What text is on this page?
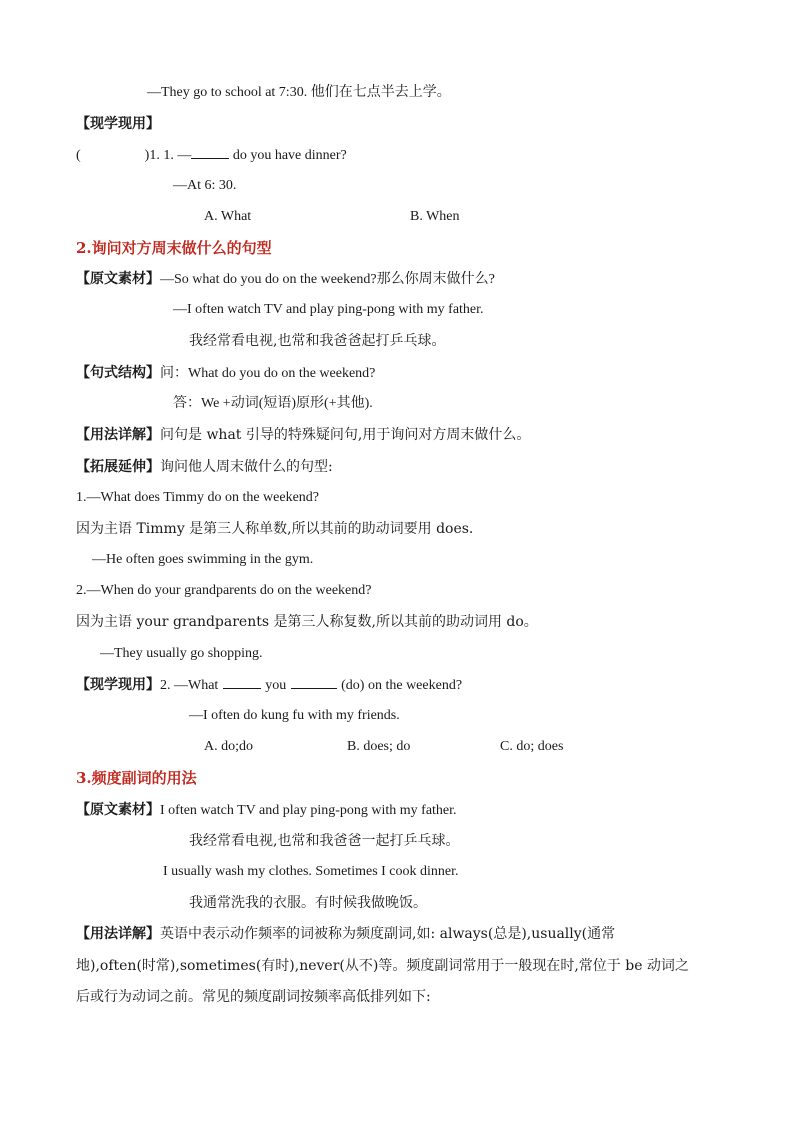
—They go to school at 7:30. 他们在七点半去上学。
【现学现用】
(	)1. 1. —	do you have dinner?
—At 6: 30.
A. What	B. When
2.询问对方周末做什么的句型
【原文素材】—So what do you do on the weekend?那么你周末做什么?
—I often watch TV and play ping-pong with my father.
我经常看电视,也常和我爸爸起打乒乓球。
【句式结构】问：What do you do on the weekend?
答：We +动词(短语)原形(+其他).
【用法详解】问句是 what 引导的特殊疑问句,用于询问对方周末做什么。
【拓展延伸】询问他人周末做什么的句型:
1.—What does Timmy do on the weekend?
因为主语 Timmy 是第三人称单数,所以其前的助动词要用 does.
—He often goes swimming in the gym.
2.—When do your grandparents do on the weekend?
因为主语 your grandparents 是第三人称复数,所以其前的助动词用 do。
—They usually go shopping.
【现学现用】2. —What	you	(do) on the weekend?
—I often do kung fu with my friends.
A. do;do	B. does; do	C. do; does
3.频度副词的用法
【原文素材】I often watch TV and play ping-pong with my father.
我经常看电视,也常和我爸爸一起打乒乓球。
I usually wash my clothes. Sometimes I cook dinner.
我通常洗我的衣服。有时候我做晚饭。
【用法详解】英语中表示动作频率的词被称为频度副词,如: always(总是),usually(通常
地),often(时常),sometimes(有时),never(从不)等。频度副词常用于一般现在时,常位于 be 动词之
后或行为动词之前。常见的频度副词按频率高低排列如下:
